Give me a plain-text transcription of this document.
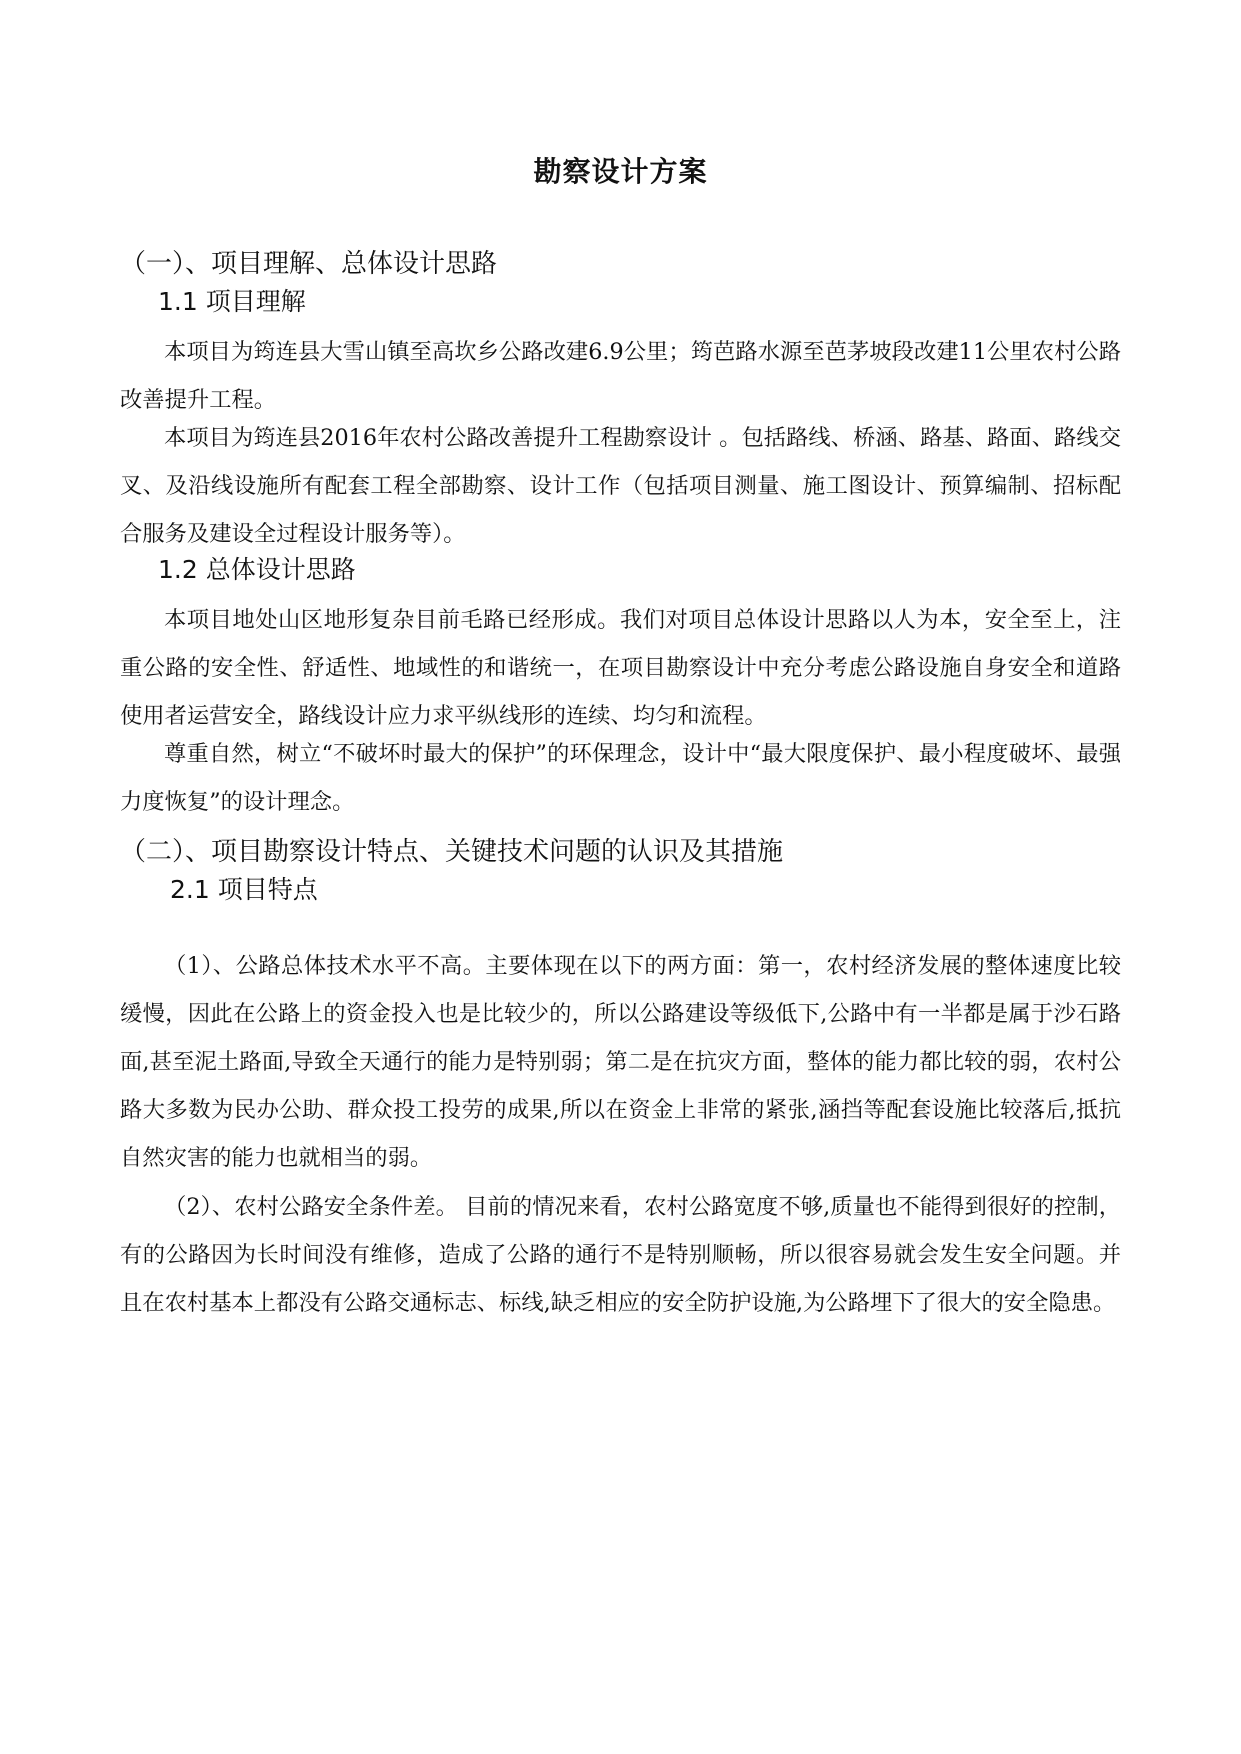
勘察设计方案
（一）、项目理解、总体设计思路
1.1 项目理解
本项目为筠连县大雪山镇至高坎乡公路改建6.9公里；筠芭路水源至芭茅坡段改建11公里农村公路改善提升工程。
本项目为筠连县2016年农村公路改善提升工程勘察设计 。包括路线、桥涵、路基、路面、路线交叉、及沿线设施所有配套工程全部勘察、设计工作（包括项目测量、施工图设计、预算编制、招标配合服务及建设全过程设计服务等）。
1.2 总体设计思路
本项目地处山区地形复杂目前毛路已经形成。我们对项目总体设计思路以人为本，安全至上，注重公路的安全性、舒适性、地域性的和谐统一，在项目勘察设计中充分考虑公路设施自身安全和道路使用者运营安全，路线设计应力求平纵线形的连续、均匀和流程。
尊重自然，树立“不破坏时最大的保护”的环保理念，设计中“最大限度保护、最小程度破坏、最强力度恢复”的设计理念。
（二）、项目勘察设计特点、关键技术问题的认识及其措施
2.1 项目特点
（1）、公路总体技术水平不高。主要体现在以下的两方面：第一，农村经济发展的整体速度比较缓慢，因此在公路上的资金投入也是比较少的，所以公路建设等级低下,公路中有一半都是属于沙石路面,甚至泥土路面,导致全天通行的能力是特别弱；第二是在抗灾方面，整体的能力都比较的弱，农村公路大多数为民办公助、群众投工投劳的成果,所以在资金上非常的紧张,涵挡等配套设施比较落后,抵抗自然灾害的能力也就相当的弱。
（2）、农村公路安全条件差。 目前的情况来看，农村公路宽度不够,质量也不能得到很好的控制，有的公路因为长时间没有维修，造成了公路的通行不是特别顺畅，所以很容易就会发生安全问题。并且在农村基本上都没有公路交通标志、标线,缺乏相应的安全防护设施,为公路埋下了很大的安全隐患。
